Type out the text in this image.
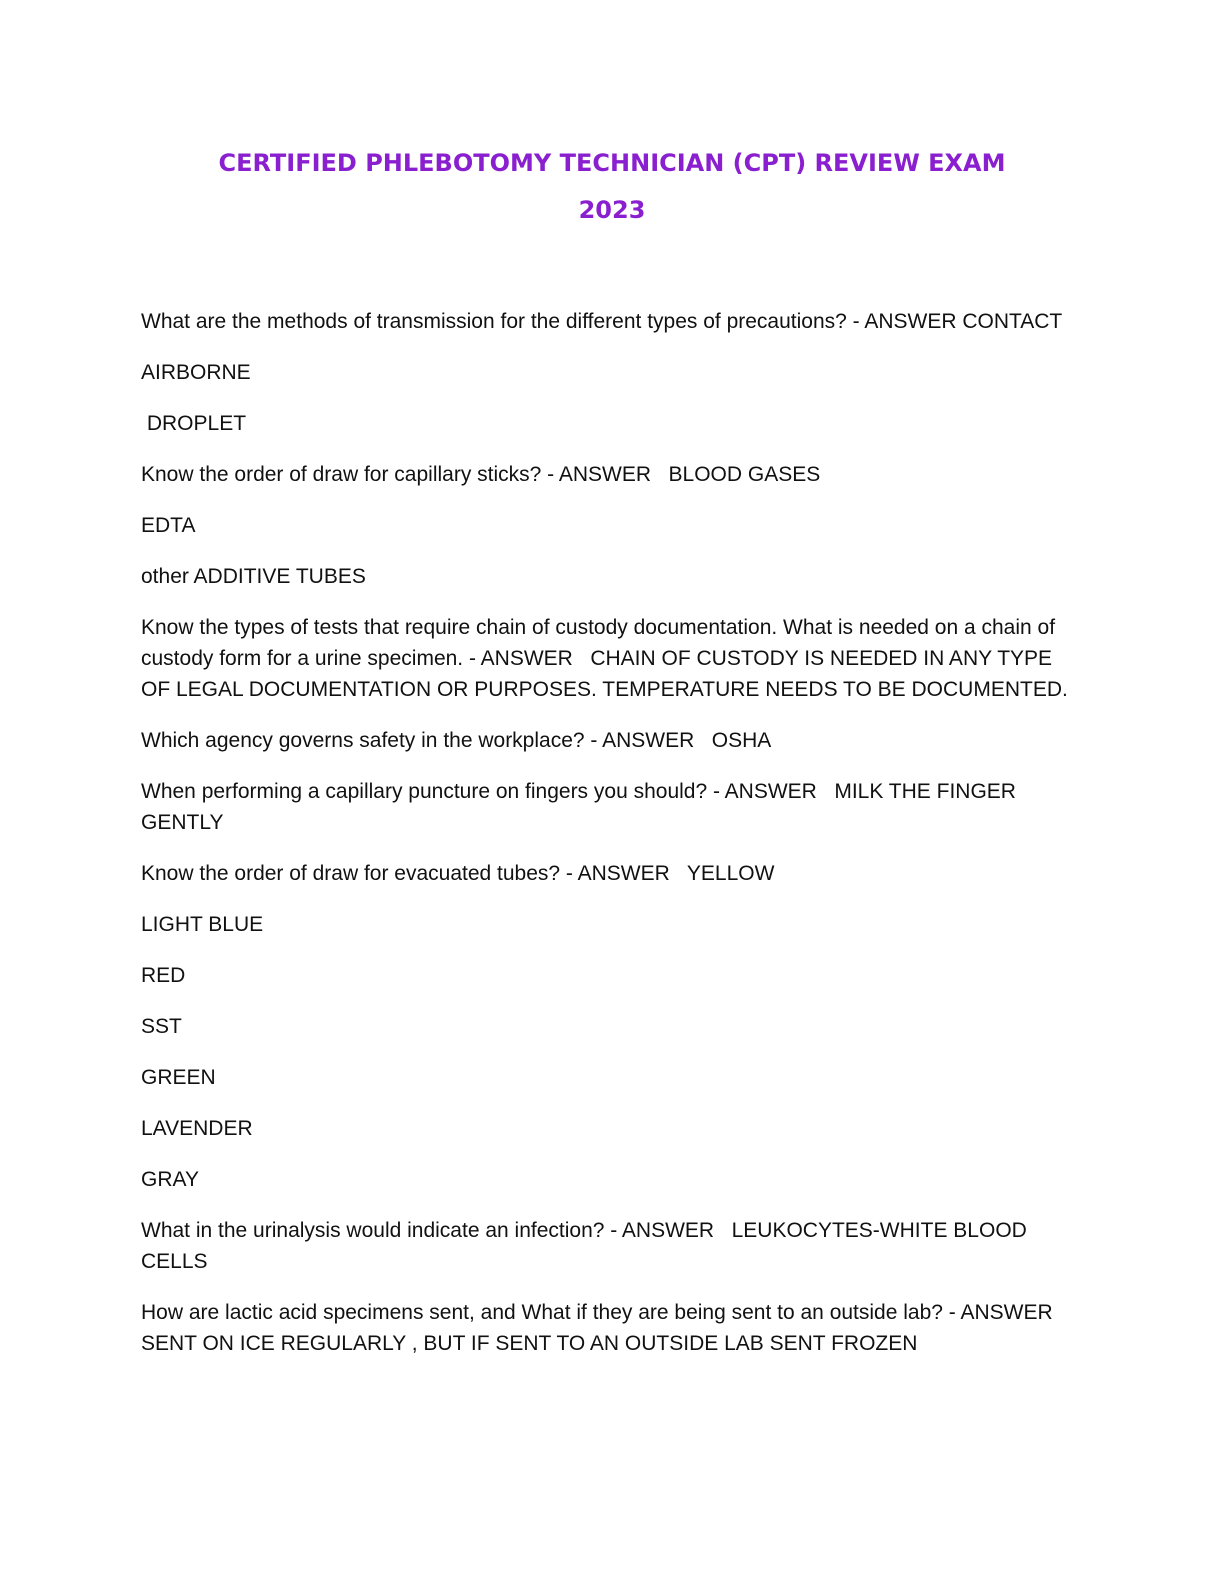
CERTIFIED PHLEBOTOMY TECHNICIAN (CPT) REVIEW EXAM
2023

What are the methods of transmission for the different types of precautions? - ANSWER CONTACT

AIRBORNE

DROPLET

Know the order of draw for capillary sticks? - ANSWER   BLOOD GASES

EDTA

other ADDITIVE TUBES

Know the types of tests that require chain of custody documentation. What is needed on a chain of custody form for a urine specimen. - ANSWER   CHAIN OF CUSTODY IS NEEDED IN ANY TYPE OF LEGAL DOCUMENTATION OR PURPOSES. TEMPERATURE NEEDS TO BE DOCUMENTED.

Which agency governs safety in the workplace? - ANSWER   OSHA

When performing a capillary puncture on fingers you should? - ANSWER   MILK THE FINGER GENTLY

Know the order of draw for evacuated tubes? - ANSWER   YELLOW

LIGHT BLUE

RED

SST

GREEN

LAVENDER

GRAY

What in the urinalysis would indicate an infection? - ANSWER   LEUKOCYTES-WHITE BLOOD CELLS

How are lactic acid specimens sent, and What if they are being sent to an outside lab? - ANSWER   SENT ON ICE REGULARLY , BUT IF SENT TO AN OUTSIDE LAB SENT FROZEN
